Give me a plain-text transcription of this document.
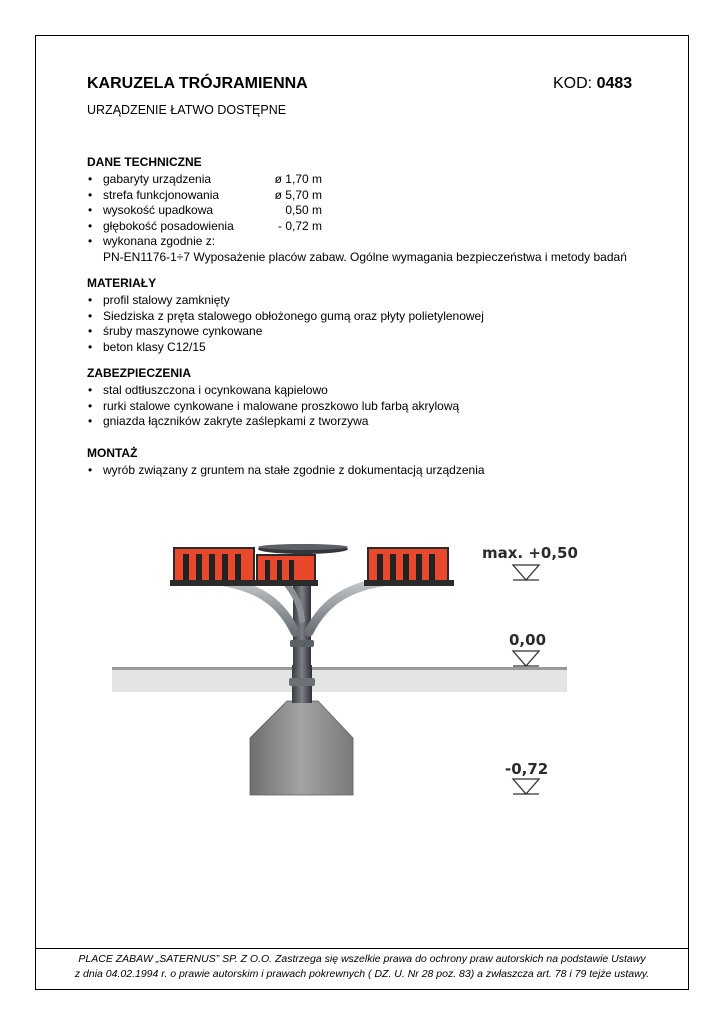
KARUZELA TRÓJRAMIENNA	KOD: 0483
URZĄDZENIE ŁATWO DOSTĘPNE
DANE TECHNICZNE
• gabaryty urządzenia	ø 1,70 m
• strefa funkcjonowania	ø 5,70 m
• wysokość upadkowa	0,50 m
• głębokość posadowienia	- 0,72 m
• wykonana zgodnie z:
PN-EN1176-1÷7 Wyposażenie placów zabaw. Ogólne wymagania bezpieczeństwa i metody badań
MATERIAŁY
• profil stalowy zamknięty
• Siedziska z pręta stalowego obłożonego gumą oraz płyty polietylenowej
• śruby maszynowe cynkowane
• beton klasy C12/15
ZABEZPIECZENIA
• stal odtłuszczona i ocynkowana kąpielowo
• rurki stalowe cynkowane i malowane proszkowo lub farbą akrylową
• gniazda łączników zakryte zaślepkami z tworzywa
MONTAŻ
• wyrób związany z gruntem na stałe zgodnie z dokumentacją urządzenia
max. +0,50
0,00
-0,72
PLACE ZABAW „SATERNUS” SP. Z O.O. Zastrzega się wszelkie prawa do ochrony praw autorskich na podstawie Ustawy
z dnia 04.02.1994 r. o prawie autorskim i prawach pokrewnych ( DZ. U. Nr 28 poz. 83) a zwłaszcza art. 78 i 79 tejże ustawy.
